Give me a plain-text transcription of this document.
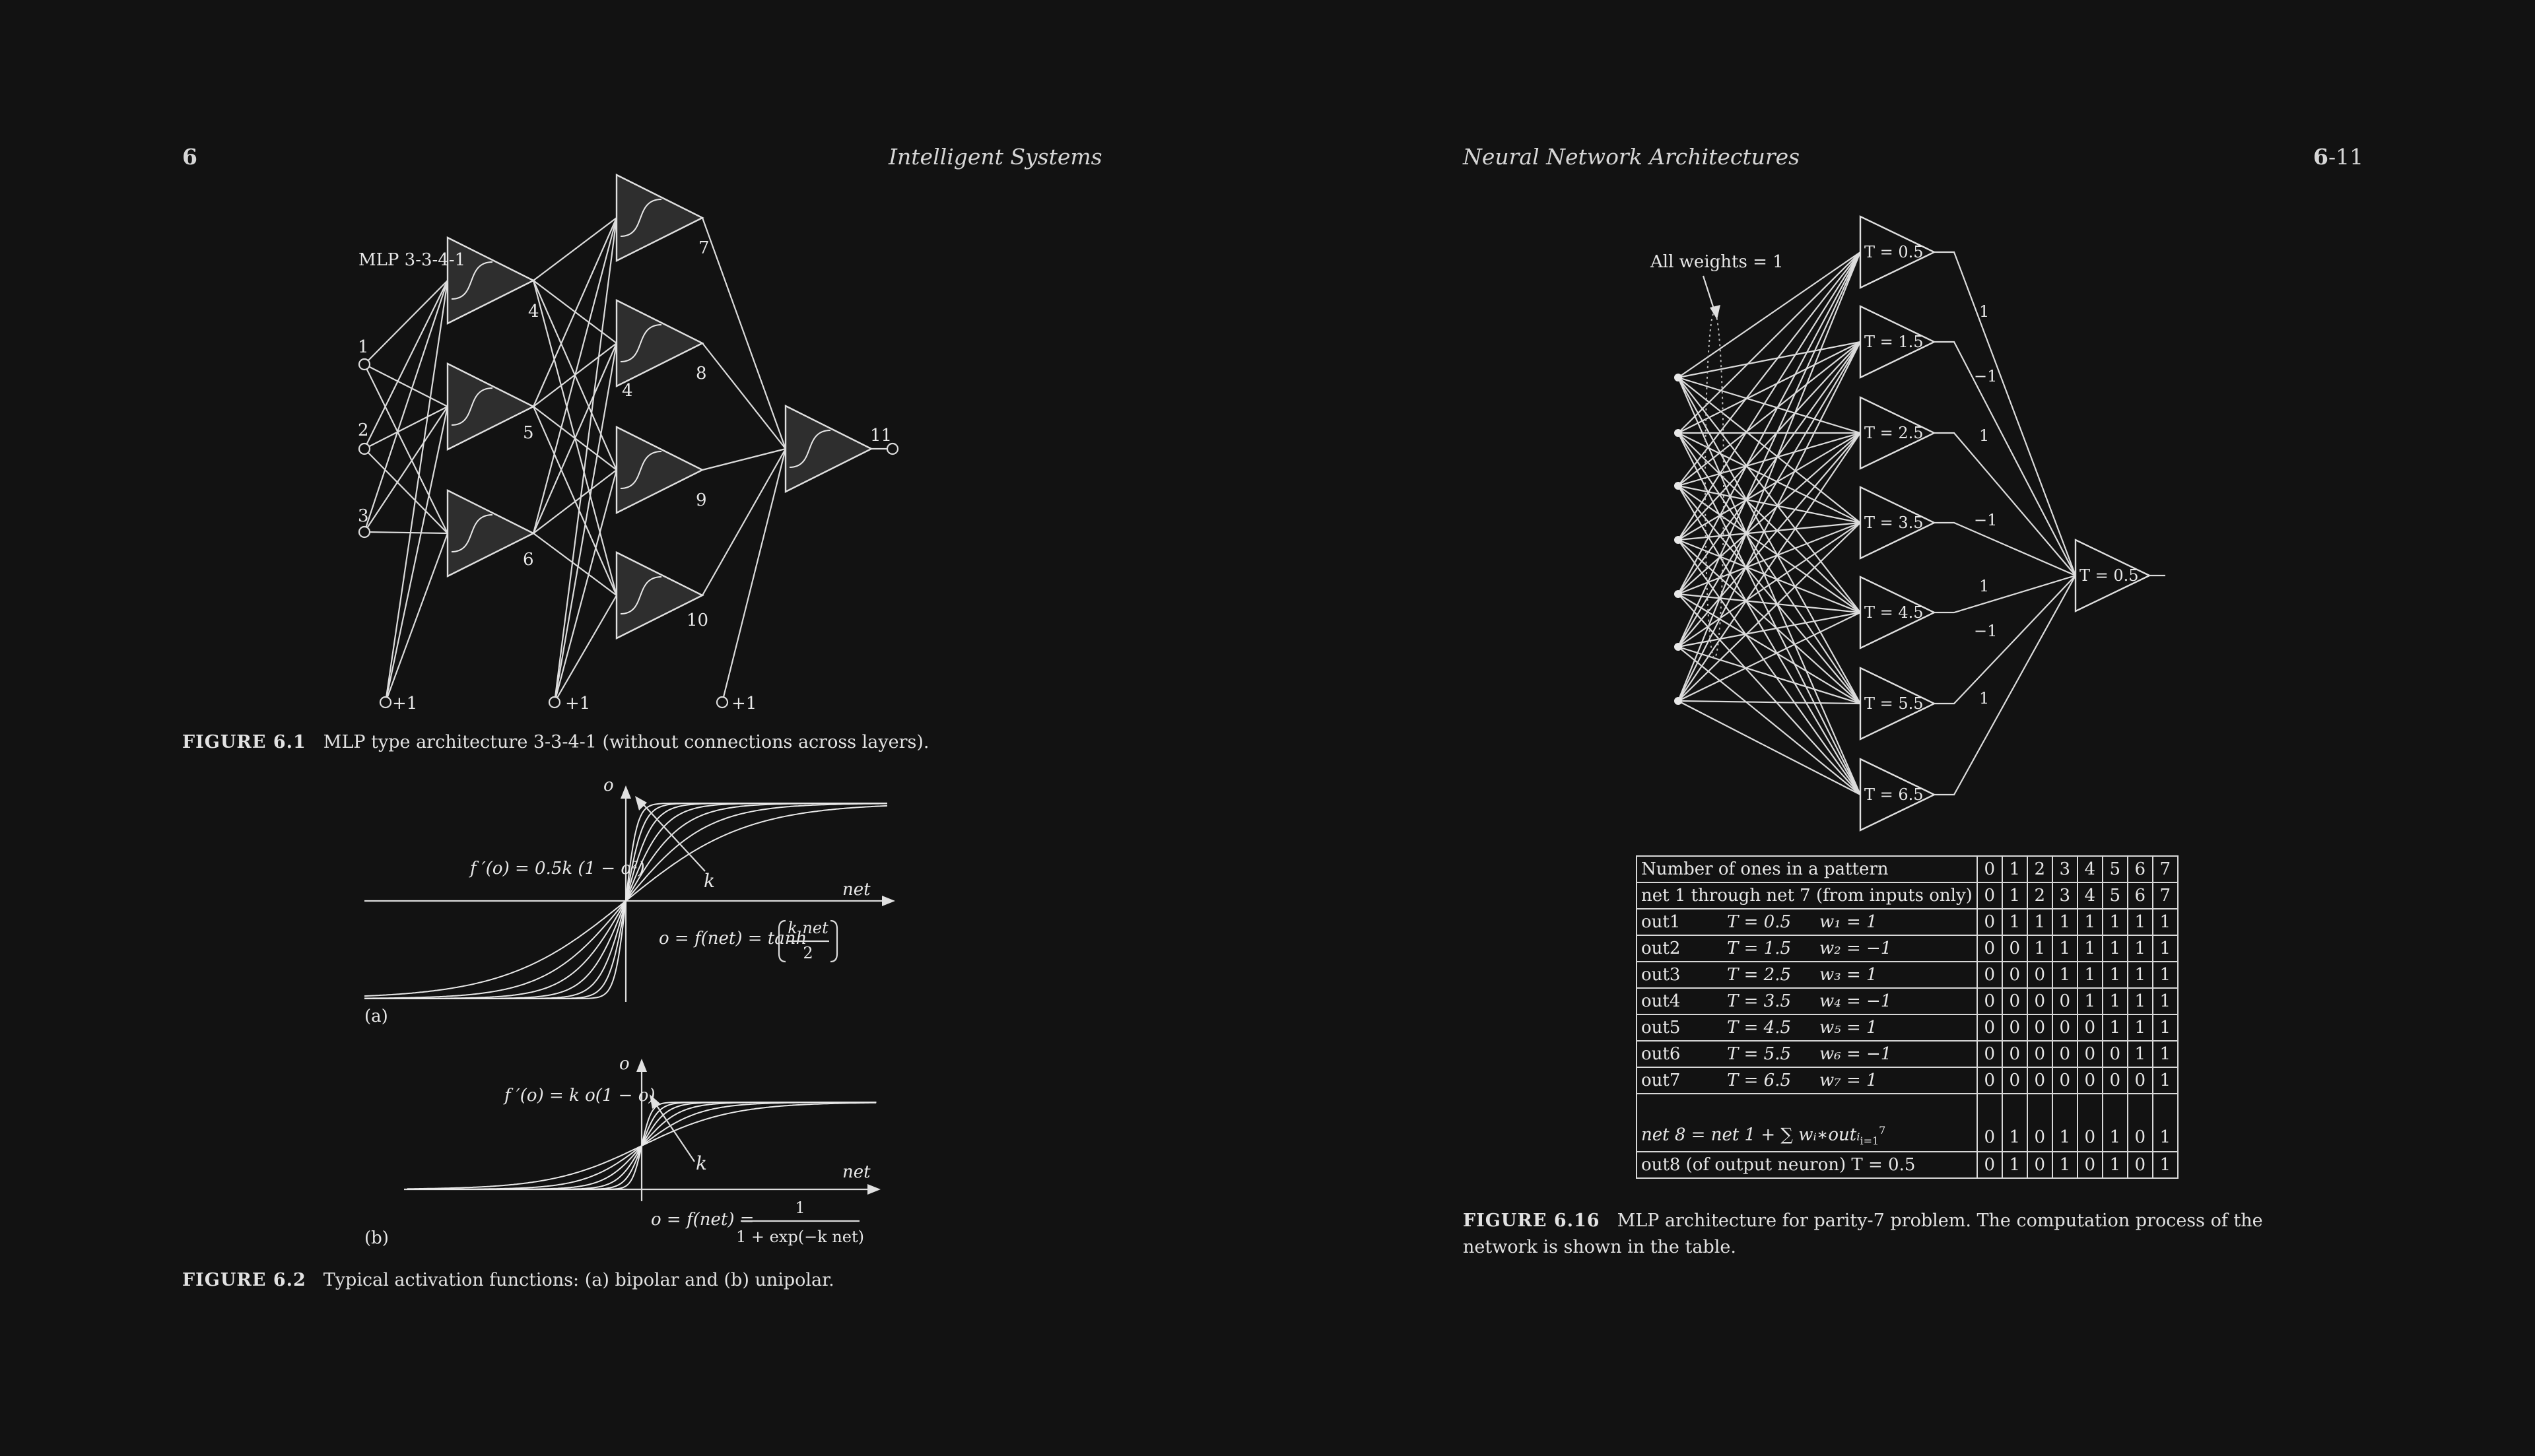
6	Intelligent Systems
MLP 3-3-4-1
1
2
3
4
5
6
4
7
8
9
10
11
+1	+1	+1
FIGURE 6.1 MLP type architecture 3-3-4-1 (without connections across layers).
o
net
k
f ′(o) = 0.5k (1 − o²)
o = f(net) = tanh
k net
2
(a)
o
net
k
f ′(o) = k o(1 − o)
o = f(net) =
1
1 + exp(−k net)
(b)
FIGURE 6.2 Typical activation functions: (a) bipolar and (b) unipolar.
Neural Network Architectures	6-11
All weights = 1	T = 0.5
T = 1.5
T = 2.5
T = 3.5
T = 4.5
T = 5.5
T = 6.5
T = 0.5
1
−1
1
−1
1
−1
1
FIGURE 6.16 MLP architecture for parity-7 problem. The computation process of the network is shown in the table.
Number of ones in a pattern	0	1	2	3	4	5	6	7
net 1 through net 7 (from inputs only)	0	1	2	3	4	5	6	7
out1 T = 0.5 w₁ = 1	0	1	1	1	1	1	1	1
out2 T = 1.5 w₂ = −1	0	0	1	1	1	1	1	1
out3 T = 2.5 w₃ = 1	0	0	0	1	1	1	1	1
out4 T = 3.5 w₄ = −1	0	0	0	0	1	1	1	1
out5 T = 4.5 w₅ = 1	0	0	0	0	0	1	1	1
out6 T = 5.5 w₆ = −1	0	0	0	0	0	0	1	1
out7 T = 6.5 w₇ = 1	0	0	0	0	0	0	0	1
net 8 = net 1 + ∑ wᵢ∗outᵢ$_{i=1}^7$	0	1	0	1	0	1	0	1
out8 (of output neuron) T = 0.5	0	1	0	1	0	1	0	1
